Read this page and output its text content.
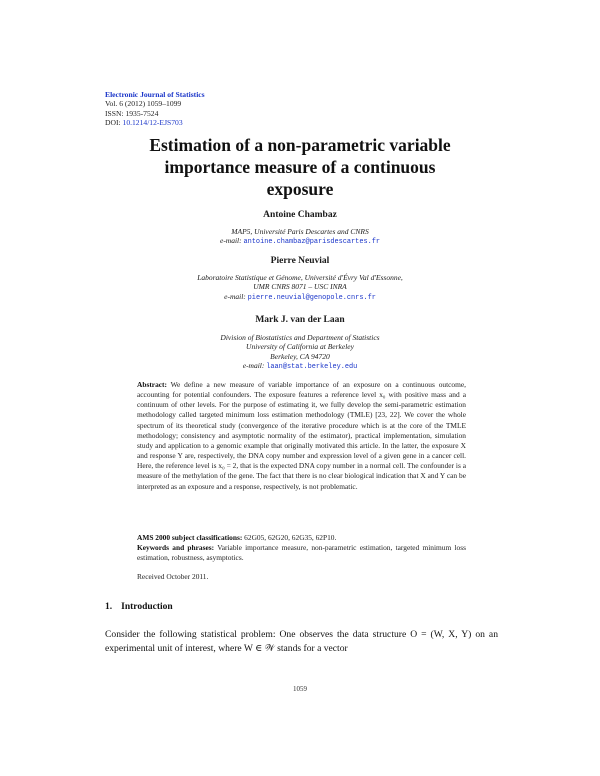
Electronic Journal of Statistics
Vol. 6 (2012) 1059–1099
ISSN: 1935-7524
DOI: 10.1214/12-EJS703
Estimation of a non-parametric variable
importance measure of a continuous
exposure
Antoine Chambaz
MAP5, Université Paris Descartes and CNRS
e-mail: antoine.chambaz@parisdescartes.fr
Pierre Neuvial
Laboratoire Statistique et Génome, Université d'Évry Val d'Essonne,
UMR CNRS 8071 – USC INRA
e-mail: pierre.neuvial@genopole.cnrs.fr
Mark J. van der Laan
Division of Biostatistics and Department of Statistics
University of California at Berkeley
Berkeley, CA 94720
e-mail: laan@stat.berkeley.edu
Abstract: We define a new measure of variable importance of an exposure on a continuous outcome, accounting for potential confounders. The exposure features a reference level x₀ with positive mass and a continuum of other levels. For the purpose of estimating it, we fully develop the semi-parametric estimation methodology called targeted minimum loss estimation methodology (TMLE) [23, 22]. We cover the whole spectrum of its theoretical study (convergence of the iterative procedure which is at the core of the TMLE methodology; consistency and asymptotic normality of the estimator), practical implementation, simulation study and application to a genomic example that originally motivated this article. In the latter, the exposure X and response Y are, respectively, the DNA copy number and expression level of a given gene in a cancer cell. Here, the reference level is x₀ = 2, that is the expected DNA copy number in a normal cell. The confounder is a measure of the methylation of the gene. The fact that there is no clear biological indication that X and Y can be interpreted as an exposure and a response, respectively, is not problematic.
AMS 2000 subject classifications: 62G05, 62G20, 62G35, 62P10.
Keywords and phrases: Variable importance measure, non-parametric estimation, targeted minimum loss estimation, robustness, asymptotics.
Received October 2011.
1. Introduction
Consider the following statistical problem: One observes the data structure O = (W, X, Y) on an experimental unit of interest, where W ∈ 𝒲 stands for a vector
1059
